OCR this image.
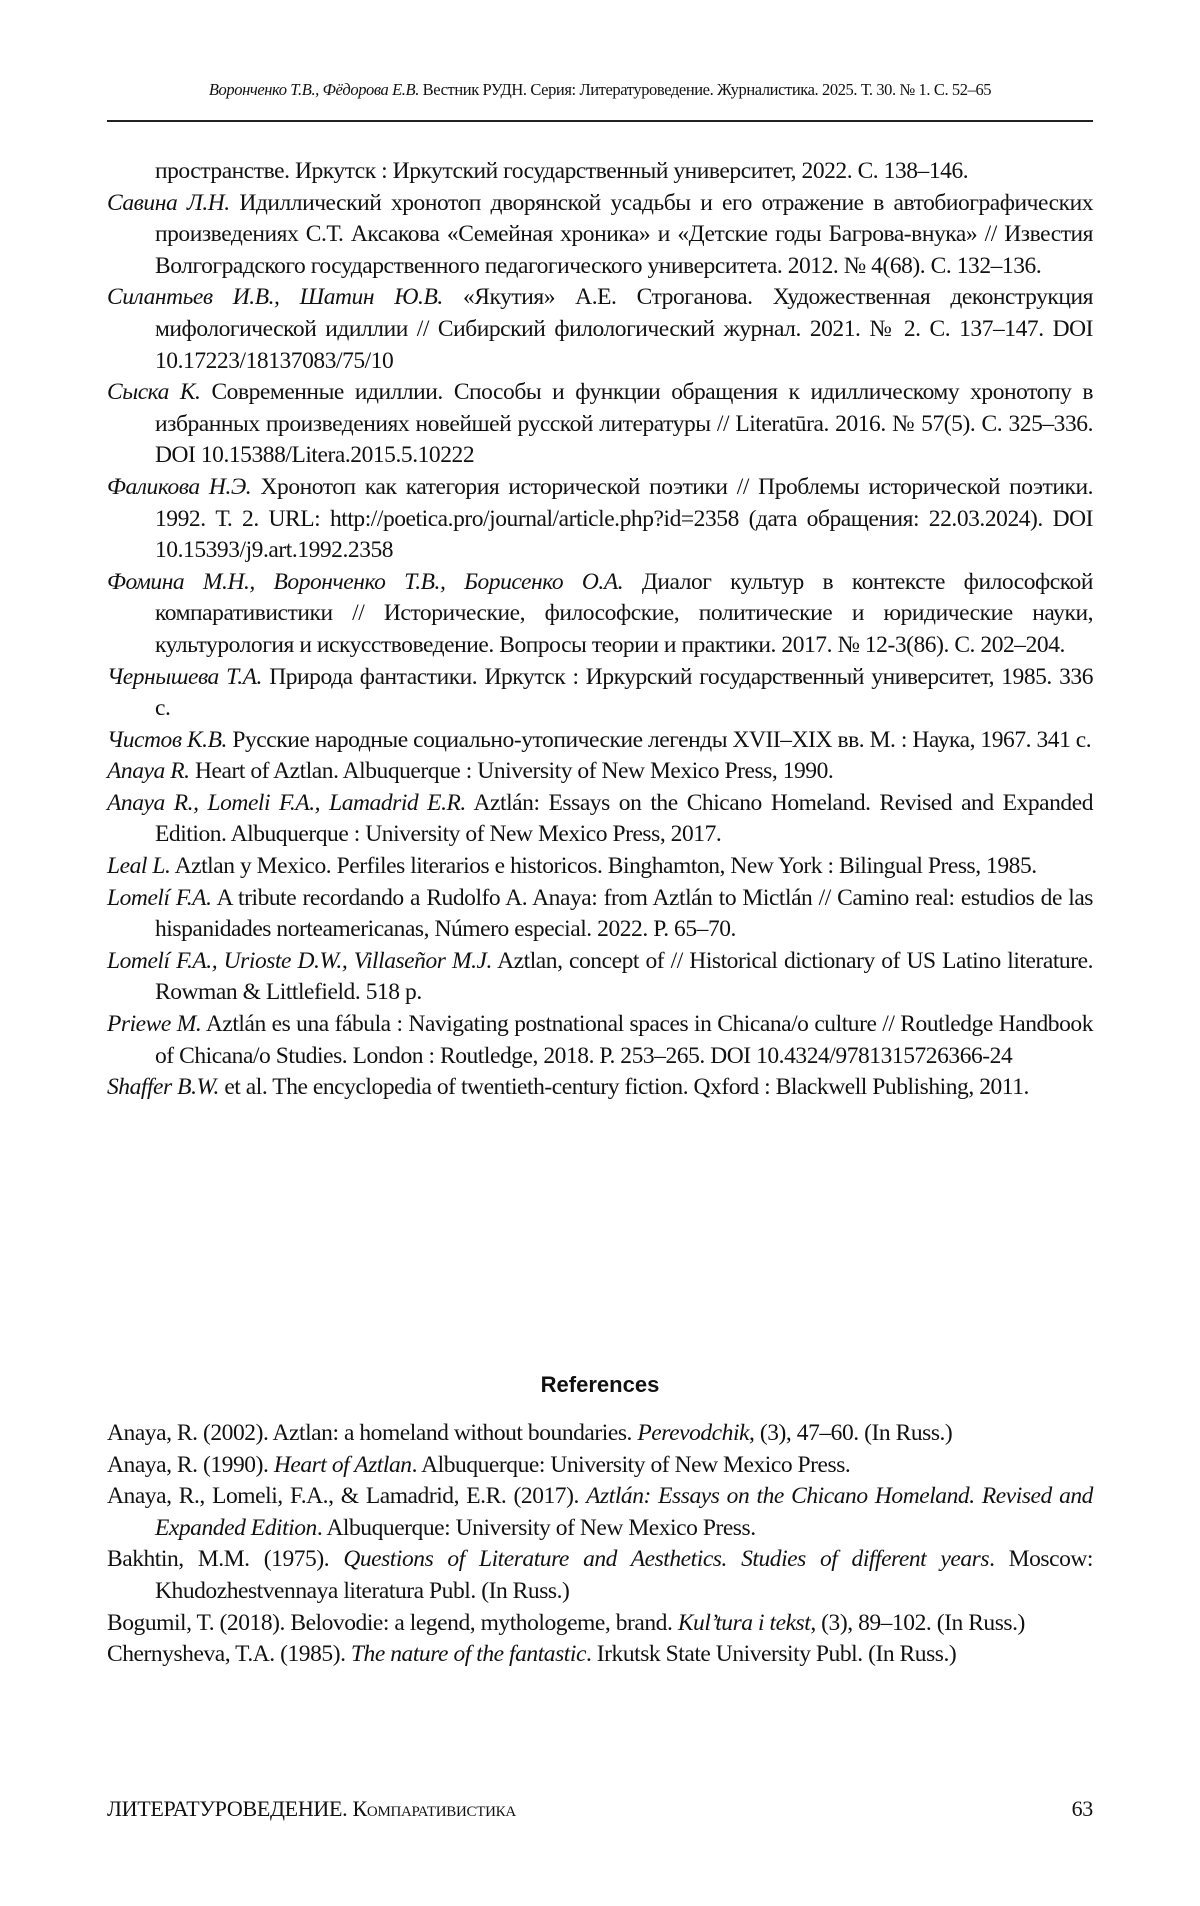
Воронченко Т.В., Фёдорова Е.В. Вестник РУДН. Серия: Литературоведение. Журналистика. 2025. Т. 30. № 1. С. 52–65
пространстве. Иркутск : Иркутский государственный университет, 2022. С. 138–146.
Савина Л.Н. Идиллический хронотоп дворянской усадьбы и его отражение в автобиографических произведениях С.Т. Аксакова «Семейная хроника» и «Детские годы Багрова-внука» // Известия Волгоградского государственного педагогического университета. 2012. № 4(68). С. 132–136.
Силантьев И.В., Шатин Ю.В. «Якутия» А.Е. Строганова. Художественная деконструкция мифологической идиллии // Сибирский филологический журнал. 2021. № 2. С. 137–147. DOI 10.17223/18137083/75/10
Сыска К. Современные идиллии. Способы и функции обращения к идиллическому хронотопу в избранных произведениях новейшей русской литературы // Literatūra. 2016. № 57(5). С. 325–336. DOI 10.15388/Litera.2015.5.10222
Фаликова Н.Э. Хронотоп как категория исторической поэтики // Проблемы исторической поэтики. 1992. Т. 2. URL: http://poetica.pro/journal/article.php?id=2358 (дата обращения: 22.03.2024). DOI 10.15393/j9.art.1992.2358
Фомина М.Н., Воронченко Т.В., Борисенко О.А. Диалог культур в контексте философской компаративистики // Исторические, философские, политические и юридические науки, культурология и искусствоведение. Вопросы теории и практики. 2017. № 12-3(86). С. 202–204.
Чернышева Т.А. Природа фантастики. Иркутск : Иркурский государственный университет, 1985. 336 с.
Чистов К.В. Русские народные социально-утопические легенды XVII–XIX вв. М. : Наука, 1967. 341 с.
Anaya R. Heart of Aztlan. Albuquerque : University of New Mexico Press, 1990.
Anaya R., Lomeli F.A., Lamadrid E.R. Aztlán: Essays on the Chicano Homeland. Revised and Expanded Edition. Albuquerque : University of New Mexico Press, 2017.
Leal L. Aztlan y Mexico. Perfiles literarios e historicos. Binghamton, New York : Bilingual Press, 1985.
Lomelí F.A. A tribute recordando a Rudolfo A. Anaya: from Aztlán to Mictlán // Camino real: estudios de las hispanidades norteamericanas, Número especial. 2022. P. 65–70.
Lomelí F.A., Urioste D.W., Villaseñor M.J. Aztlan, concept of // Historical dictionary of US Latino literature. Rowman & Littlefield. 518 p.
Priewe M. Aztlán es una fábula : Navigating postnational spaces in Chicana/o culture // Routledge Handbook of Chicana/o Studies. London : Routledge, 2018. P. 253–265. DOI 10.4324/9781315726366-24
Shaffer B.W. et al. The encyclopedia of twentieth-century fiction. Qxford : Blackwell Publishing, 2011.
References
Anaya, R. (2002). Aztlan: a homeland without boundaries. Perevodchik, (3), 47–60. (In Russ.)
Anaya, R. (1990). Heart of Aztlan. Albuquerque: University of New Mexico Press.
Anaya, R., Lomeli, F.A., & Lamadrid, E.R. (2017). Aztlán: Essays on the Chicano Homeland. Revised and Expanded Edition. Albuquerque: University of New Mexico Press.
Bakhtin, M.M. (1975). Questions of Literature and Aesthetics. Studies of different years. Moscow: Khudozhestvennaya literatura Publ. (In Russ.)
Bogumil, T. (2018). Belovodie: a legend, mythologeme, brand. Kul’tura i tekst, (3), 89–102. (In Russ.)
Chernysheva, T.A. (1985). The nature of the fantastic. Irkutsk State University Publ. (In Russ.)
ЛИТЕРАТУРОВЕДЕНИЕ. Компаративистика	63
